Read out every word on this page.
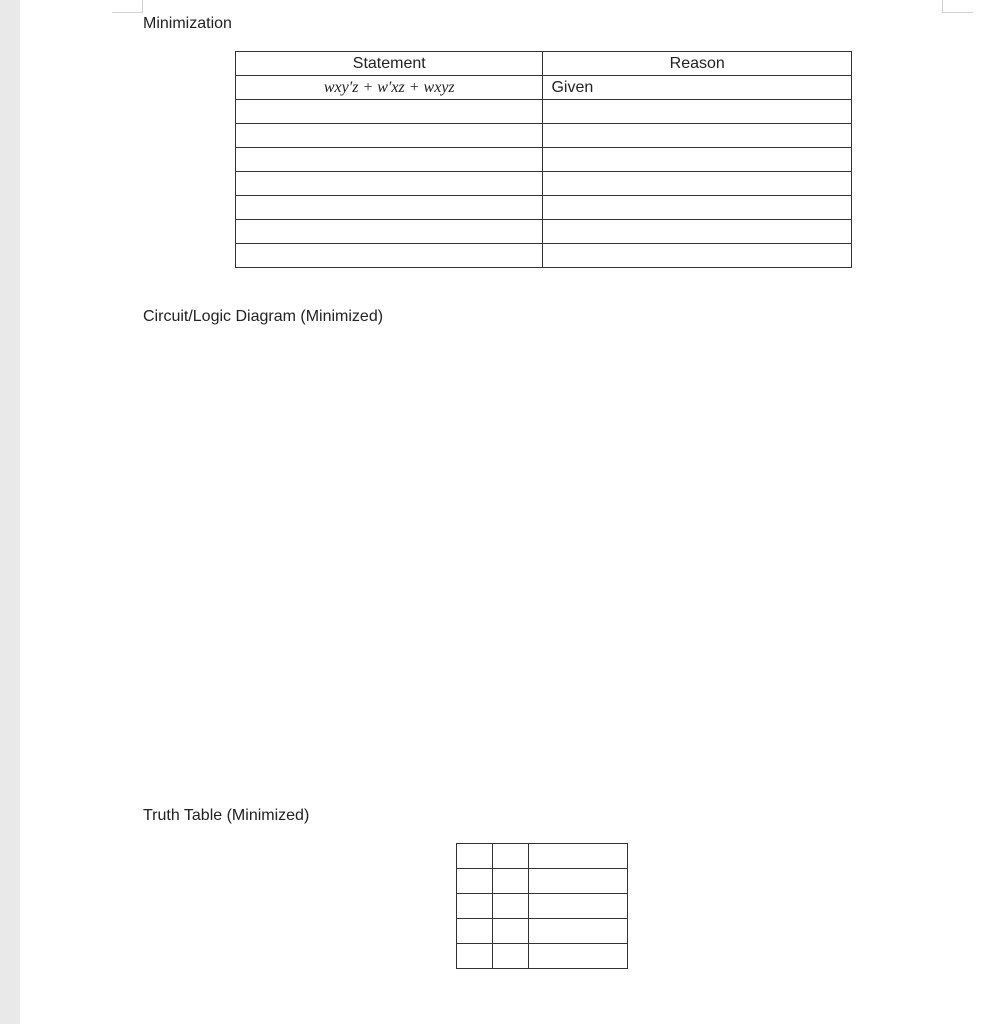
Minimization
Statement	Reason
wxy′z + w′xz + wxyz	Given

Circuit/Logic Diagram (Minimized)
Truth Table (Minimized)
